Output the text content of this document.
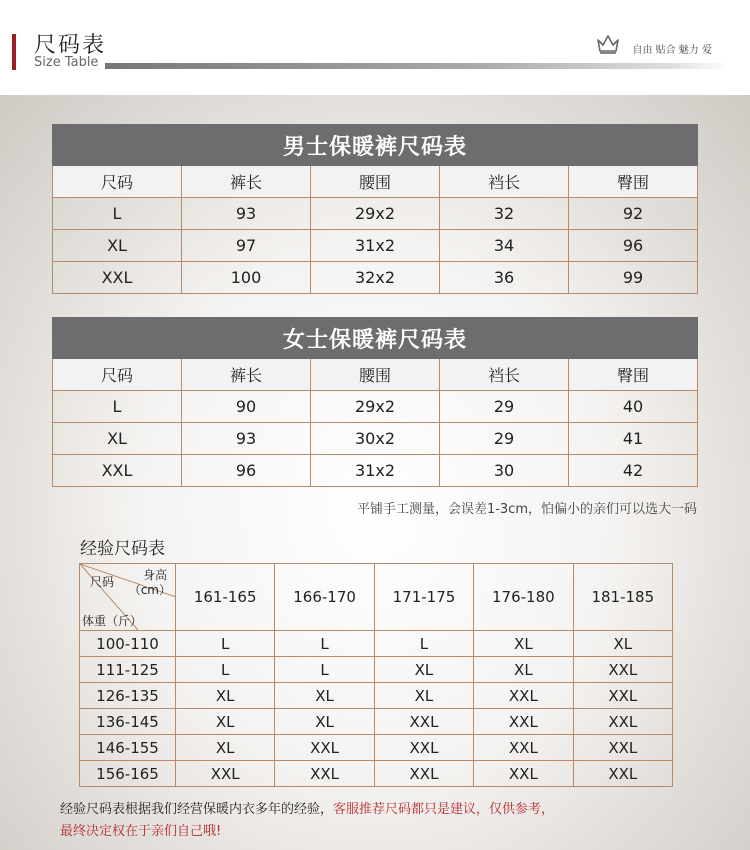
尺码表
Size Table
自由 贴合 魅力 爱
男士保暖裤尺码表				
尺码	裤长	腰围	裆长	臀围
L	93	29x2	32	92
XL	97	31x2	34	96
XXL	100	32x2	36	99
女士保暖裤尺码表				
尺码	裤长	腰围	裆长	臀围
L	90	29x2	29	40
XL	93	30x2	29	41
XXL	96	31x2	30	42
平铺手工测量，会误差1-3cm，怕偏小的亲们可以选大一码
经验尺码表
尺码 身高
（cm）
体重（斤）	161-165	166-170	171-175	176-180	181-185
100-110	L	L	L	XL	XL
111-125	L	L	XL	XL	XXL
126-135	XL	XL	XL	XXL	XXL
136-145	XL	XL	XXL	XXL	XXL
146-155	XL	XXL	XXL	XXL	XXL
156-165	XXL	XXL	XXL	XXL	XXL
经验尺码表根据我们经营保暖内衣多年的经验，客服推荐尺码都只是建议，仅供参考，
最终决定权在于亲们自己哦!
